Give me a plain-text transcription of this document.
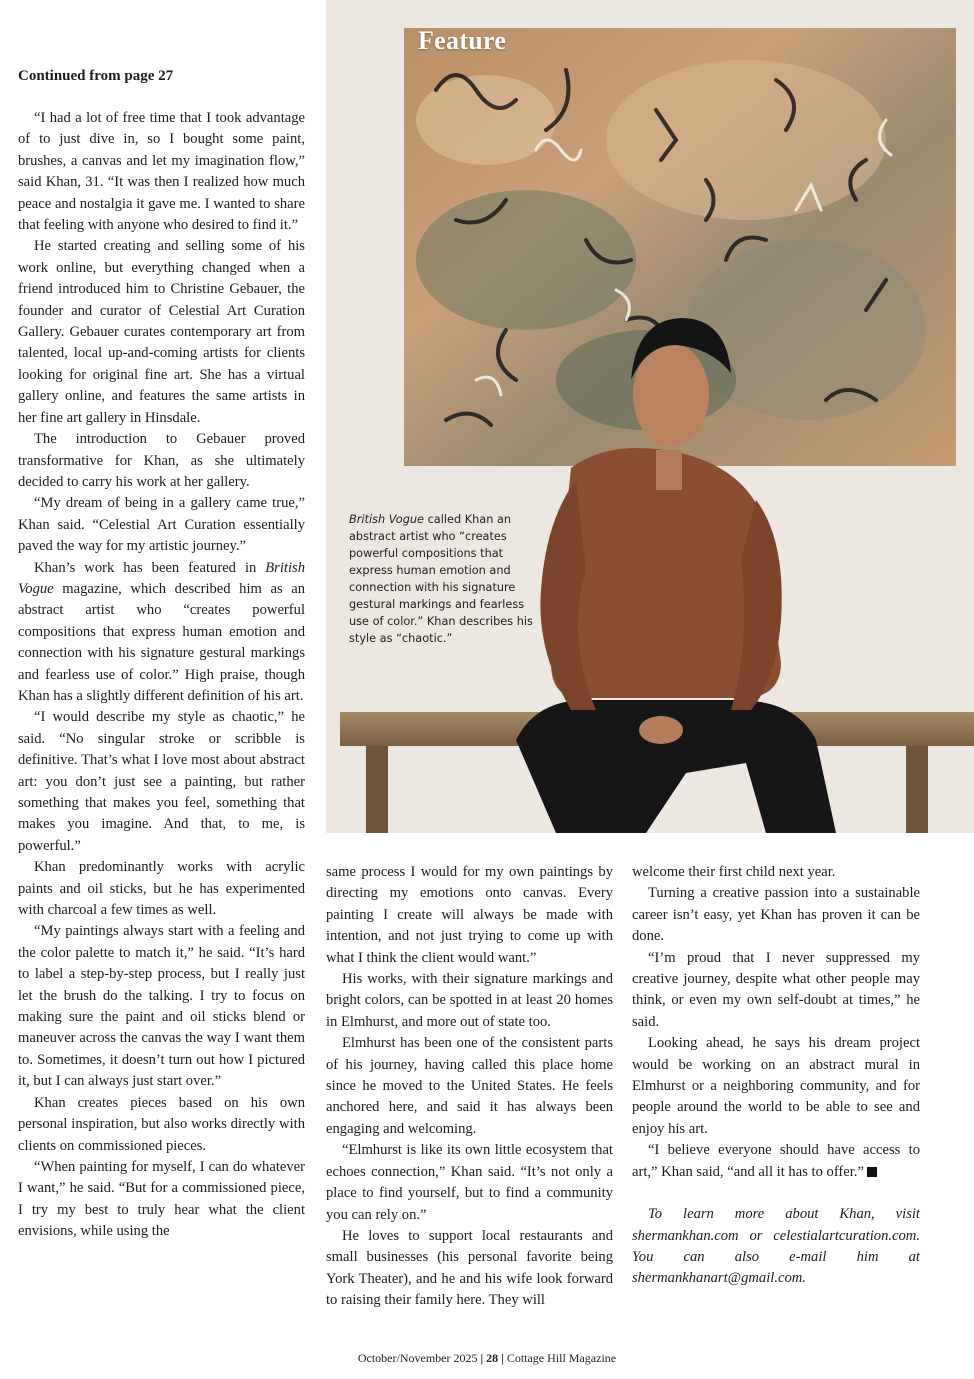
Feature
British Vogue called Khan an abstract artist who “creates powerful compositions that express human emotion and connection with his signature gestural markings and fearless use of color.” Khan describes his style as “chaotic.”
Continued from page 27

“I had a lot of free time that I took advantage of to just dive in, so I bought some paint, brushes, a canvas and let my imagination flow,” said Khan, 31. “It was then I realized how much peace and nostalgia it gave me. I wanted to share that feeling with anyone who desired to find it.”

He started creating and selling some of his work online, but everything changed when a friend introduced him to Christine Gebauer, the founder and curator of Celestial Art Curation Gallery. Gebauer curates contemporary art from talented, local up-and-coming artists for clients looking for original fine art. She has a virtual gallery online, and features the same artists in her fine art gallery in Hinsdale.

The introduction to Gebauer proved transformative for Khan, as she ultimately decided to carry his work at her gallery.

“My dream of being in a gallery came true,” Khan said. “Celestial Art Curation essentially paved the way for my artistic journey.”

Khan’s work has been featured in British Vogue magazine, which described him as an abstract artist who “creates powerful compositions that express human emotion and connection with his signature gestural markings and fearless use of color.” High praise, though Khan has a slightly different definition of his art.

“I would describe my style as chaotic,” he said. “No singular stroke or scribble is definitive. That’s what I love most about abstract art: you don’t just see a painting, but rather something that makes you feel, something that makes you imagine. And that, to me, is powerful.”

Khan predominantly works with acrylic paints and oil sticks, but he has experimented with charcoal a few times as well.

“My paintings always start with a feeling and the color palette to match it,” he said. “It’s hard to label a step-by-step process, but I really just let the brush do the talking. I try to focus on making sure the paint and oil sticks blend or maneuver across the canvas the way I want them to. Sometimes, it doesn’t turn out how I pictured it, but I can always just start over.”

Khan creates pieces based on his own personal inspiration, but also works directly with clients on commissioned pieces.

“When painting for myself, I can do whatever I want,” he said. “But for a commissioned piece, I try my best to truly hear what the client envisions, while using the

same process I would for my own paintings by directing my emotions onto canvas. Every painting I create will always be made with intention, and not just trying to come up with what I think the client would want.”

His works, with their signature markings and bright colors, can be spotted in at least 20 homes in Elmhurst, and more out of state too.

Elmhurst has been one of the consistent parts of his journey, having called this place home since he moved to the United States. He feels anchored here, and said it has always been engaging and welcoming.

“Elmhurst is like its own little ecosystem that echoes connection,” Khan said. “It’s not only a place to find yourself, but to find a community you can rely on.”

He loves to support local restaurants and small businesses (his personal favorite being York Theater), and he and his wife look forward to raising their family here. They will

welcome their first child next year.

Turning a creative passion into a sustainable career isn’t easy, yet Khan has proven it can be done.

“I’m proud that I never suppressed my creative journey, despite what other people may think, or even my own self-doubt at times,” he said.

Looking ahead, he says his dream project would be working on an abstract mural in Elmhurst or a neighboring community, and for people around the world to be able to see and enjoy his art.

“I believe everyone should have access to art,” Khan said, “and all it has to offer.”

To learn more about Khan, visit shermankhan.com or celestialartcuration.com. You can also e-mail him at shermankhanart@gmail.com.

October/November 2025 | 28 | Cottage Hill Magazine
